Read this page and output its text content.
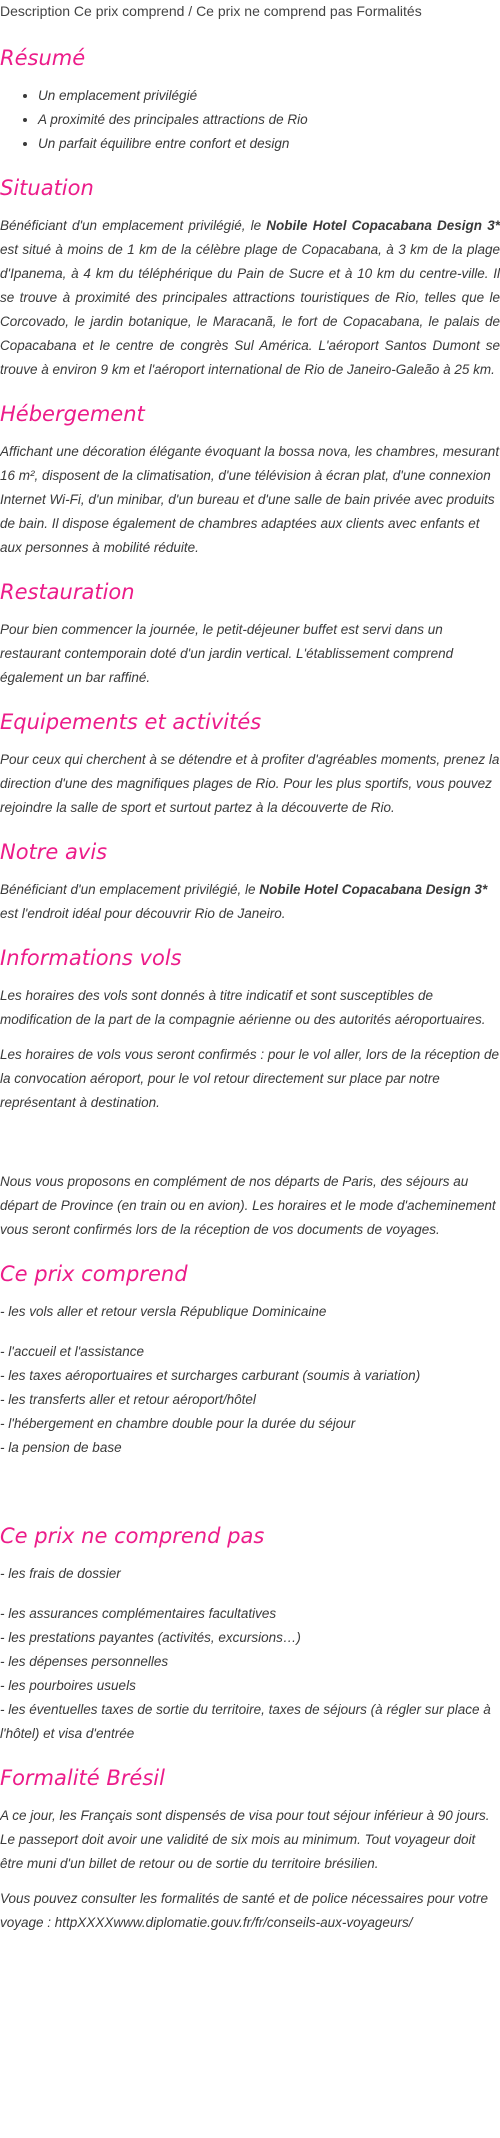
Description Ce prix comprend / Ce prix ne comprend pas Formalités
Résumé
• Un emplacement privilégié
• A proximité des principales attractions de Rio
• Un parfait équilibre entre confort et design
Situation

Bénéficiant d'un emplacement privilégié, le Nobile Hotel Copacabana Design 3* est situé à moins de 1 km de la célèbre plage de Copacabana, à 3 km de la plage d'Ipanema, à 4 km du téléphérique du Pain de Sucre et à 10 km du centre-ville. Il se trouve à proximité des principales attractions touristiques de Rio, telles que le Corcovado, le jardin botanique, le Maracanã, le fort de Copacabana, le palais de Copacabana et le centre de congrès Sul América. L'aéroport Santos Dumont se trouve à environ 9 km et l'aéroport international de Rio de Janeiro-Galeão à 25 km.

Hébergement

Affichant une décoration élégante évoquant la bossa nova, les chambres, mesurant 16 m², disposent de la climatisation, d'une télévision à écran plat, d'une connexion Internet Wi-Fi, d'un minibar, d'un bureau et d'une salle de bain privée avec produits de bain. Il dispose également de chambres adaptées aux clients avec enfants et aux personnes à mobilité réduite.

Restauration

Pour bien commencer la journée, le petit-déjeuner buffet est servi dans un restaurant contemporain doté d'un jardin vertical. L'établissement comprend également un bar raffiné.

Equipements et activités

Pour ceux qui cherchent à se détendre et à profiter d'agréables moments, prenez la direction d'une des magnifiques plages de Rio. Pour les plus sportifs, vous pouvez rejoindre la salle de sport et surtout partez à la découverte de Rio.

Notre avis

Bénéficiant d'un emplacement privilégié, le Nobile Hotel Copacabana Design 3* est l'endroit idéal pour découvrir Rio de Janeiro.

Informations vols

Les horaires des vols sont donnés à titre indicatif et sont susceptibles de modification de la part de la compagnie aérienne ou des autorités aéroportuaires.

Les horaires de vols vous seront confirmés : pour le vol aller, lors de la réception de la convocation aéroport, pour le vol retour directement sur place par notre représentant à destination.

Nous vous proposons en complément de nos départs de Paris, des séjours au départ de Province (en train ou en avion). Les horaires et le mode d'acheminement vous seront confirmés lors de la réception de vos documents de voyages.

Ce prix comprend
- les vols aller et retour versla République Dominicaine
- l'accueil et l'assistance
- les taxes aéroportuaires et surcharges carburant (soumis à variation)
- les transferts aller et retour aéroport/hôtel
- l'hébergement en chambre double pour la durée du séjour
- la pension de base
Ce prix ne comprend pas
- les frais de dossier
- les assurances complémentaires facultatives
- les prestations payantes (activités, excursions…)
- les dépenses personnelles
- les pourboires usuels
- les éventuelles taxes de sortie du territoire, taxes de séjours (à régler sur place à l'hôtel) et visa d'entrée
Formalité Brésil

A ce jour, les Français sont dispensés de visa pour tout séjour inférieur à 90 jours. Le passeport doit avoir une validité de six mois au minimum. Tout voyageur doit être muni d'un billet de retour ou de sortie du territoire brésilien.

Vous pouvez consulter les formalités de santé et de police nécessaires pour votre voyage : httpXXXXwww.diplomatie.gouv.fr/fr/conseils-aux-voyageurs/
